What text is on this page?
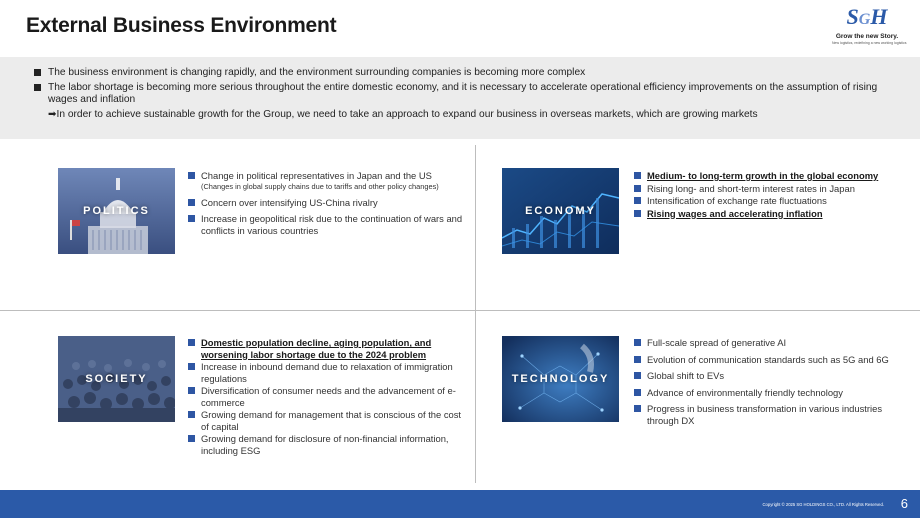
External Business Environment	SGH
Grow the new Story.
New logistics, redefining a new working logistics
The business environment is changing rapidly, and the environment surrounding companies is becoming more complex
The labor shortage is becoming more serious throughout the entire domestic economy, and it is necessary to accelerate operational efficiency improvements on the assumption of rising wages and inflation
➡In order to achieve sustainable growth for the Group, we need to take an approach to expand our business in overseas markets, which are growing markets
POLITICS
Change in political representatives in Japan and the US
(Changes in global supply chains due to tariffs and other policy changes)
Concern over intensifying US-China rivalry
Increase in geopolitical risk due to the continuation of wars and conflicts in various countries
ECONOMY
Medium- to long-term growth in the global economy
Rising long- and short-term interest rates in Japan
Intensification of exchange rate fluctuations
Rising wages and accelerating inflation
SOCIETY
Domestic population decline, aging population, and worsening labor shortage due to the 2024 problem
Increase in inbound demand due to relaxation of immigration regulations
Diversification of consumer needs and the advancement of e-commerce
Growing demand for management that is conscious of the cost of capital
Growing demand for disclosure of non-financial information, including ESG
TECHNOLOGY
Full-scale spread of generative AI
Evolution of communication standards such as 5G and 6G
Global shift to EVs
Advance of environmentally friendly technology
Progress in business transformation in various industries through DX
Copyright © 2025 SG HOLDINGS CO., LTD. All Rights Reserved. 6
